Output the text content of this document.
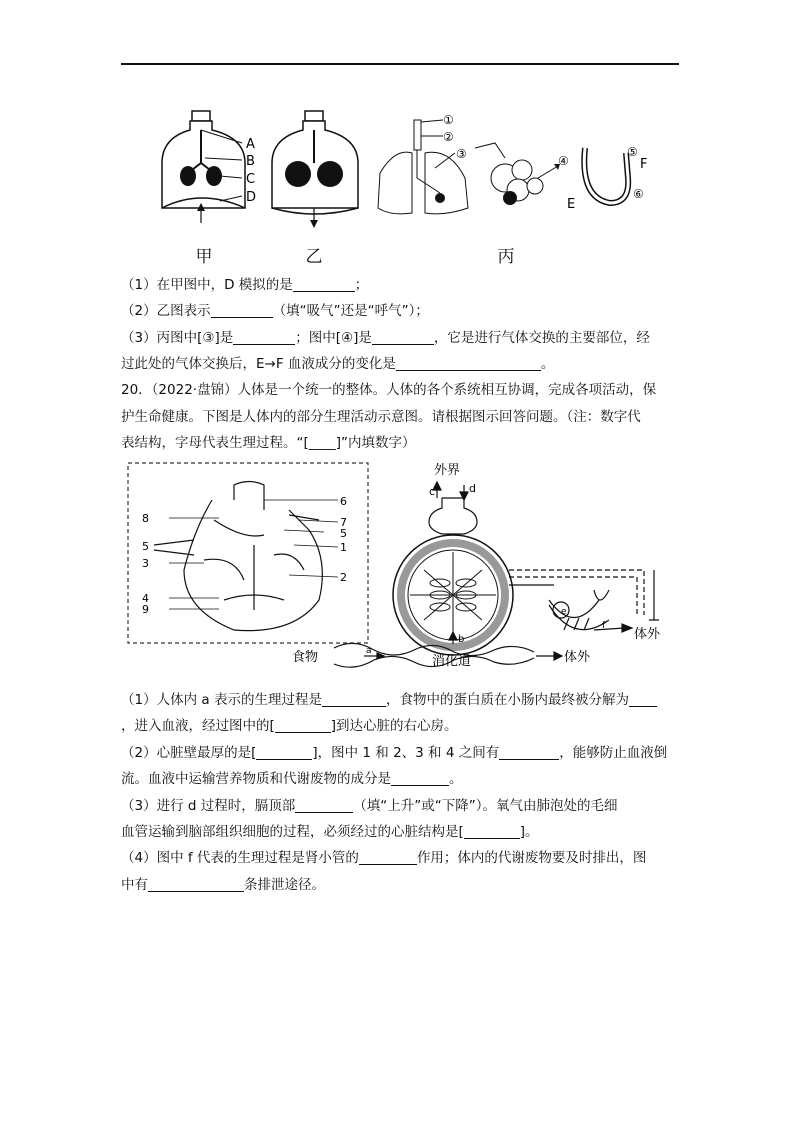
A
B
C
D
①
②
③	④
⑤
⑥
F
E
甲	乙	丙
（1）在甲图中，D 模拟的是	；
（2）乙图表示	（填“吸气”还是“呼气”）；
（3）丙图中[③]是	；图中[④]是	，它是进行气体交换的主要部位，经
过此处的气体交换后，E→F 血液成分的变化是	。
20．（2022·盘锦）人体是一个统一的整体。人体的各个系统相互协调，完成各项活动，保
护生命健康。下图是人体内的部分生理活动示意图。请根据图示回答问题。（注：数字代
表结构，字母代表生理过程。“[____]”内填数字）
6
7
5
1
2
8
5
3
4
9
外界
c	d
e
f
体外
a
b
食物	消化道	体外
（1）人体内 a 表示的生理过程是	，食物中的蛋白质在小肠内最终被分解为
，进入血液，经过图中的[	]到达心脏的右心房。
（2）心脏壁最厚的是[	]，图中 1 和 2、3 和 4 之间有	，能够防止血液倒
流。血液中运输营养物质和代谢废物的成分是	。
（3）进行 d 过程时，膈顶部	（填“上升”或“下降”）。氧气由肺泡处的毛细
血管运输到脑部组织细胞的过程，必须经过的心脏结构是[	]。
（4）图中 f 代表的生理过程是肾小管的	作用；体内的代谢废物要及时排出，图
中有	条排泄途径。
